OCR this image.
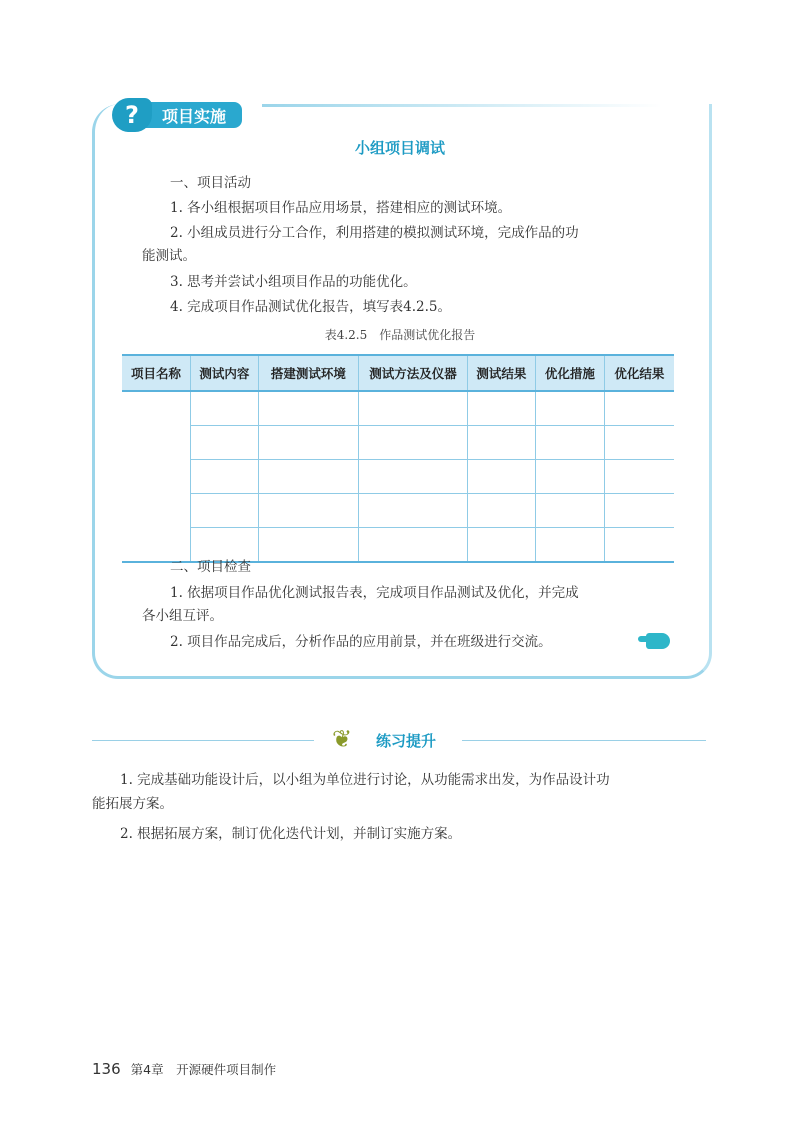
?	项目实施
小组项目调试
一、项目活动
1. 各小组根据项目作品应用场景，搭建相应的测试环境。
2. 小组成员进行分工合作，利用搭建的模拟测试环境，完成作品的功
能测试。
3. 思考并尝试小组项目作品的功能优化。
4. 完成项目作品测试优化报告，填写表4.2.5。
表4.2.5　作品测试优化报告
项目名称	测试内容	搭建测试环境	测试方法及仪器	测试结果	优化措施	优化结果

二、项目检查
1. 依据项目作品优化测试报告表，完成项目作品测试及优化，并完成
各小组互评。
2. 项目作品完成后，分析作品的应用前景，并在班级进行交流。
❦ 练习提升
1. 完成基础功能设计后，以小组为单位进行讨论，从功能需求出发，为作品设计功
能拓展方案。
2. 根据拓展方案，制订优化迭代计划，并制订实施方案。
136 第4章　开源硬件项目制作
